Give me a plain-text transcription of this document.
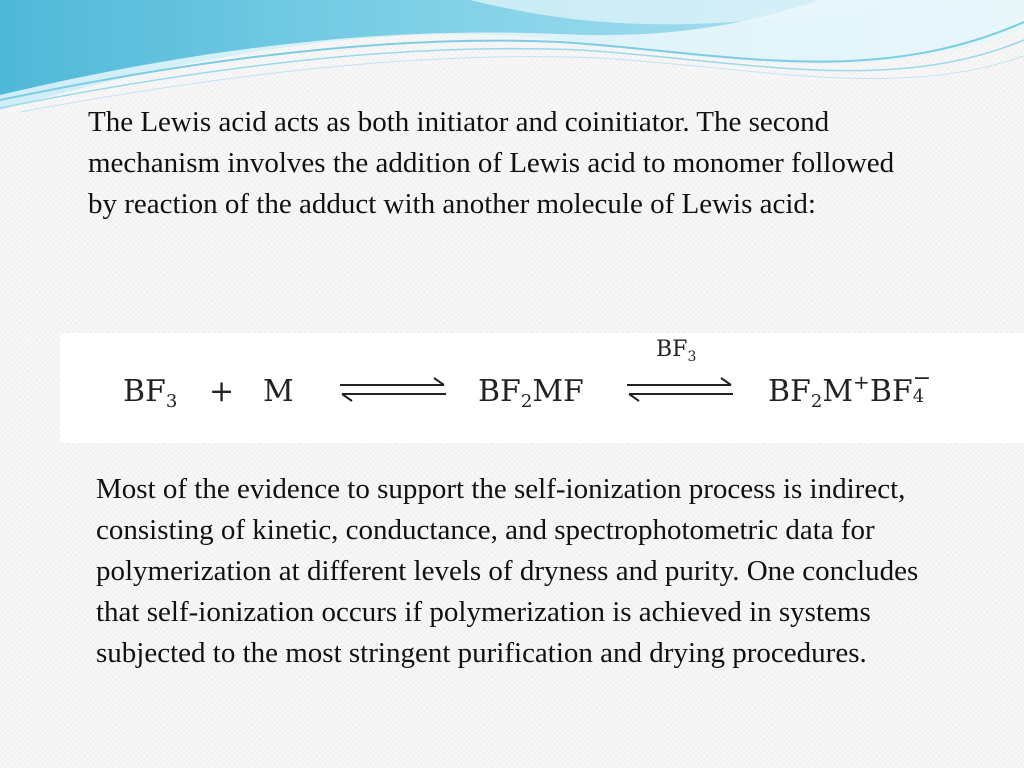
The Lewis acid acts as both initiator and coinitiator. The second mechanism involves the addition of Lewis acid to monomer followed by reaction of the adduct with another molecule of Lewis acid:

$BF_3 + M$	$BF_2MF$
$BF_3$
$BF_2M^+BF$ −
4

Most of the evidence to support the self-ionization process is indirect, consisting of kinetic, conductance, and spectrophotometric data for polymerization at different levels of dryness and purity. One concludes that self-ionization occurs if polymerization is achieved in systems subjected to the most stringent purification and drying procedures.
